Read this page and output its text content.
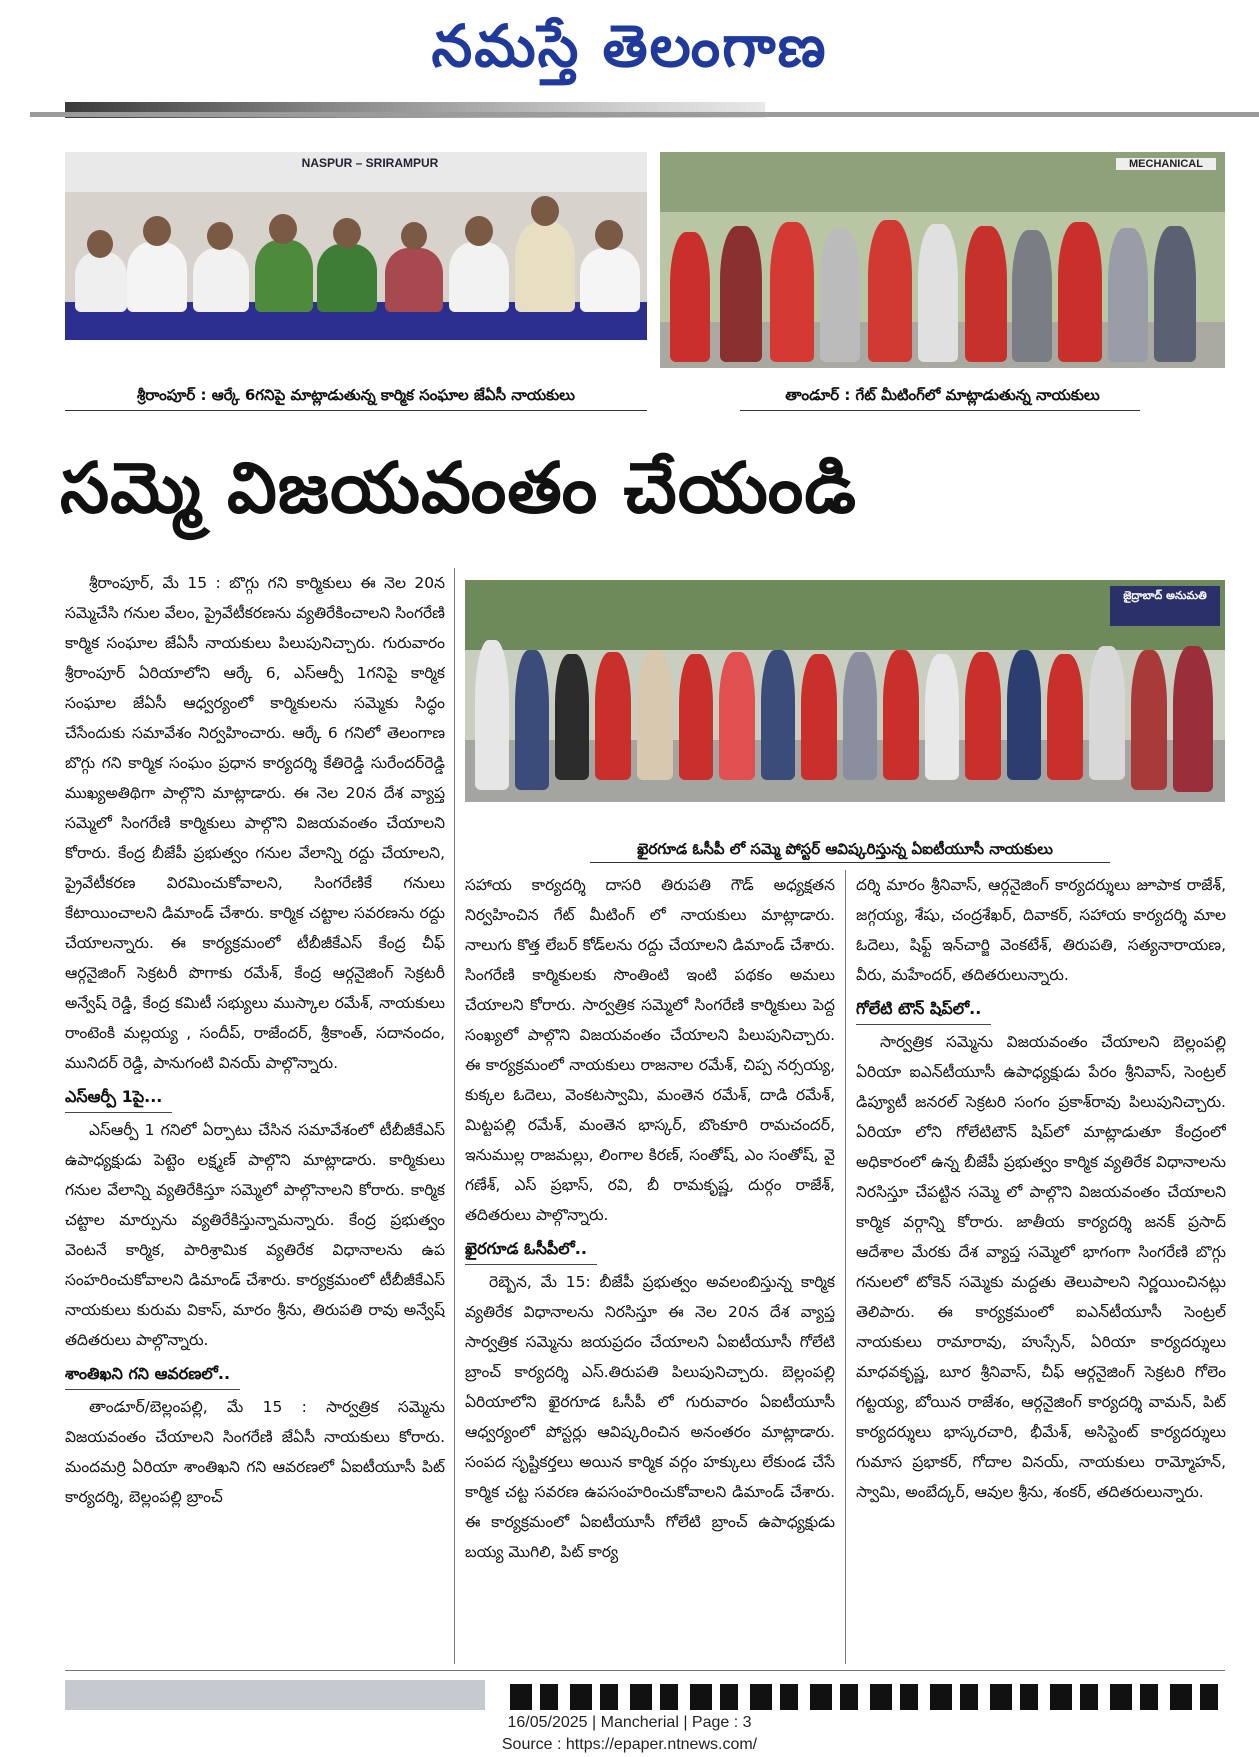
నమస్తే తెలంగాణ
NASPUR – SRIRAMPUR
శ్రీరాంపూర్ : ఆర్కే 6గనిపై మాట్లాడుతున్న కార్మిక సంఘాల జేఏసీ నాయకులు
MECHANICAL
తాండూర్ : గేట్ మీటింగ్‌లో మాట్లాడుతున్న నాయకులు
సమ్మె విజయవంతం చేయండి
జైద్రాబాద్ అనుమతి
ఖైరగూడ ఓసీపీ లో సమ్మె పోస్టర్ ఆవిష్కరిస్తున్న ఏఐటీయూసీ నాయకులు

శ్రీరాంపూర్, మే 15 : బొగ్గు గని కార్మికులు ఈ నెల 20న సమ్మెచేసి గనుల వేలం, ప్రైవేటీకరణను వ్యతిరేకించాలని సింగరేణి కార్మిక సంఘాల జేఏసీ నాయకులు పిలుపునిచ్చారు. గురువారం శ్రీరాంపూర్ ఏరియాలోని ఆర్కే 6, ఎస్ఆర్పీ 1గనిపై కార్మిక సంఘాల జేఏసీ ఆధ్వర్యంలో కార్మికులను సమ్మెకు సిద్ధం చేసేందుకు సమావేశం నిర్వహించారు. ఆర్కే 6 గనిలో తెలంగాణ బొగ్గు గని కార్మిక సంఘం ప్రధాన కార్యదర్శి కేతిరెడ్డి సురేందర్‌రెడ్డి ముఖ్యఅతిథిగా పాల్గొని మాట్లాడారు. ఈ నెల 20న దేశ వ్యాప్త సమ్మెలో సింగరేణి కార్మికులు పాల్గొని విజయవంతం చేయాలని కోరారు. కేంద్ర బీజేపీ ప్రభుత్వం గనుల వేలాన్ని రద్దు చేయాలని, ప్రైవేటీకరణ విరమించుకోవాలని, సింగరేణికే గనులు కేటాయించాలని డిమాండ్ చేశారు. కార్మిక చట్టాల సవరణను రద్దు చేయాలన్నారు. ఈ కార్యక్రమంలో టీబీజీకేఎస్ కేంద్ర చీఫ్ ఆర్గనైజింగ్ సెక్రటరీ పొగాకు రమేశ్, కేంద్ర ఆర్గనైజింగ్ సెక్రటరీ అన్వేష్ రెడ్డి, కేంద్ర కమిటీ సభ్యులు ముస్కాల రమేశ్, నాయకులు రాంటెంకి మల్లయ్య , సందీప్, రాజేందర్, శ్రీకాంత్, సదానందం, మునిదర్ రెడ్డి, పానుగంటి వినయ్ పాల్గొన్నారు.

ఎస్ఆర్పీ 1పై...

ఎస్ఆర్పీ 1 గనిలో ఏర్పాటు చేసిన సమావేశంలో టీబీజీకేఎస్ ఉపాధ్యక్షుడు పెట్టెం లక్ష్మణ్ పాల్గొని మాట్లాడారు. కార్మికులు గనుల వేలాన్ని వ్యతిరేకిస్తూ సమ్మెలో పాల్గొనాలని కోరారు. కార్మిక చట్టాల మార్పును వ్యతిరేకిస్తున్నామన్నారు. కేంద్ర ప్రభుత్వం వెంటనే కార్మిక, పారిశ్రామిక వ్యతిరేక విధానాలను ఉప సంహరించుకోవాలని డిమాండ్ చేశారు. కార్యక్రమంలో టీబీజీకేఎస్ నాయకులు కురుమ వికాస్, మారం శ్రీను, తిరుపతి రావు అన్వేష్ తదితరులు పాల్గొన్నారు.

శాంతిఖని గని ఆవరణలో..

తాండూర్/బెల్లంపల్లి, మే 15 : సార్వత్రిక సమ్మెను విజయవంతం చేయాలని సింగరేణి జేఏసీ నాయకులు కోరారు. మందమర్రి ఏరియా శాంతిఖని గని ఆవరణలో ఏఐటీయూసీ పిట్ కార్యదర్శి, బెల్లంపల్లి బ్రాంచ్

సహాయ కార్యదర్శి దాసరి తిరుపతి గౌడ్ అధ్యక్షతన నిర్వహించిన గేట్ మీటింగ్ లో నాయకులు మాట్లాడారు. నాలుగు కొత్త లేబర్ కోడ్‌లను రద్దు చేయాలని డిమాండ్ చేశారు. సింగరేణి కార్మికులకు సొంతింటి ఇంటి పథకం అమలు చేయాలని కోరారు. సార్వత్రిక సమ్మెలో సింగరేణి కార్మికులు పెద్ద సంఖ్యలో పాల్గొని విజయవంతం చేయాలని పిలుపునిచ్చారు. ఈ కార్యక్రమంలో నాయకులు రాజనాల రమేశ్, చిప్ప నర్సయ్య, కుక్కల ఓదెలు, వెంకటస్వామి, మంతెన రమేశ్, దాడి రమేశ్, మిట్టపల్లి రమేశ్, మంతెన భాస్కర్, బొంకూరి రామచందర్, ఇనుముల్ల రాజమల్లు, లింగాల కిరణ్, సంతోష్, ఎం సంతోష్, వై గణేశ్, ఎస్ ప్రభాస్, రవి, బీ రామకృష్ణ, దుర్గం రాజేశ్, తదితరులు పాల్గొన్నారు.

ఖైరగూడ ఓసీపీలో..

రెబ్బెన, మే 15: బీజేపీ ప్రభుత్వం అవలంబిస్తున్న కార్మిక వ్యతిరేక విధానాలను నిరసిస్తూ ఈ నెల 20న దేశ వ్యాప్త సార్వత్రిక సమ్మెను జయప్రదం చేయాలని ఏఐటీయూసీ గోలేటి బ్రాంచ్ కార్యదర్శి ఎస్.తిరుపతి పిలుపునిచ్చారు. బెల్లంపల్లి ఏరియాలోని ఖైరగూడ ఓసీపీ లో గురువారం ఏఐటీయూసీ ఆధ్వర్యంలో పోస్టర్లు ఆవిష్కరించిన అనంతరం మాట్లాడారు. సంపద సృష్టికర్తలు అయిన కార్మిక వర్గం హక్కులు లేకుండ చేసే కార్మిక చట్ట సవరణ ఉపసంహరించుకోవాలని డిమాండ్ చేశారు. ఈ కార్యక్రమంలో ఏఐటీయూసీ గోలేటి బ్రాంచ్ ఉపాధ్యక్షుడు బయ్య మొగిలి, పిట్ కార్య

దర్శి మారం శ్రీనివాస్, ఆర్గనైజింగ్ కార్యదర్శులు జూపాక రాజేశ్, జగ్గయ్య, శేషు, చంద్రశేఖర్, దివాకర్, సహాయ కార్యదర్శి మాల ఓదెలు, షిఫ్ట్ ఇన్‌చార్జి వెంకటేశ్, తిరుపతి, సత్యనారాయణ, వీరు, మహేందర్, తదితరులున్నారు.

గోలేటి టౌన్ షిప్‌లో..

సార్వత్రిక సమ్మెను విజయవంతం చేయాలని బెల్లంపల్లి ఏరియా ఐఎన్‌టీయూసీ ఉపాధ్యక్షుడు పేరం శ్రీనివాస్, సెంట్రల్ డిప్యూటీ జనరల్ సెక్రటరి సంగం ప్రకాశ్‌రావు పిలుపునిచ్చారు. ఏరియా లోని గోలేటిటౌన్ షిప్‌లో మాట్లాడుతూ కేంద్రంలో అధికారంలో ఉన్న బీజేపీ ప్రభుత్వం కార్మిక వ్యతిరేక విధానాలను నిరసిస్తూ చేపట్టిన సమ్మె లో పాల్గొని విజయవంతం చేయాలని కార్మిక వర్గాన్ని కోరారు. జాతీయ కార్యదర్శి జనక్ ప్రసాద్ ఆదేశాల మేరకు దేశ వ్యాప్త సమ్మెలో భాగంగా సింగరేణి బొగ్గు గనులలో టోకెన్ సమ్మెకు మద్దతు తెలుపాలని నిర్ణయించినట్లు తెలిపారు. ఈ కార్యక్రమంలో ఐఎన్‌టీయూసీ సెంట్రల్ నాయకులు రామారావు, హుస్సేన్, ఏరియా కార్యదర్శులు మాధవకృష్ణ, బూర శ్రీనివాస్, చీఫ్ ఆర్గనైజింగ్ సెక్రటరి గోలెం గట్టయ్య, బోయిన రాజేశం, ఆర్గనైజింగ్ కార్యదర్శి వామన్, పిట్ కార్యదర్శులు భాస్కరచారి, భీమేశ్, అసిస్టెంట్ కార్యదర్శులు గుమాస ప్రభాకర్, గోదాల వినయ్, నాయకులు రామ్మోహన్, స్వామి, అంబేద్కర్, ఆవుల శ్రీను, శంకర్, తదితరులున్నారు.

16/05/2025 | Mancherial | Page : 3
Source : https://epaper.ntnews.com/
